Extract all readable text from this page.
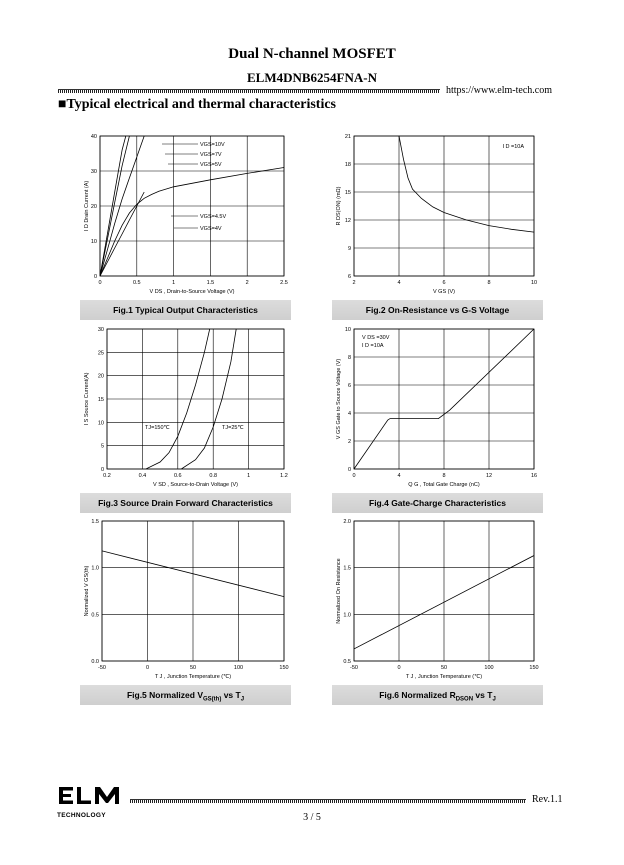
Dual N-channel MOSFET
ELM4DNB6254FNA-N
https://www.elm-tech.com
■Typical electrical and thermal characteristics
0	0.5	1	1.5	2	2.5
0
10
20
30
40
VGS=10V
VGS=7V
VGS=5V
VGS=4.5V
VGS=4V
V DS , Drain-to-Source Voltage (V)
I D Drain Current (A)
Fig.1 Typical Output Characteristics
2	4	6	8	10
6
9
12
15
18
21
I D =10A
V GS (V)
R DS(ON) (mΩ)
Fig.2 On-Resistance vs G-S Voltage
0.2	0.4	0.6	0.8	1	1.2
0
5
10
15
20
25
30
TJ=150℃	TJ=25℃
V SD , Source-to-Drain Voltage (V)
I S Source Current(A)
Fig.3 Source Drain Forward Characteristics
0	4	8	12	16
0
2
4
6
8
10
V DS =30V
I D =10A
Q G , Total Gate Charge (nC)
V GS Gate to Source Voltage (V)
Fig.4 Gate-Charge Characteristics
-50	0	50	100	150
0.0
0.5
1.0
1.5
T J , Junction Temperature (℃)
Normalized V GS(th)
Fig.5 Normalized $V_{GS(th)}$ vs $T_J$
-50	0	50	100	150
0.5
1.0
1.5
2.0
T J , Junction Temperature (℃)
Normalized On Resistance
Fig.6 Normalized $R_{DSON}$ vs $T_J$
TECHNOLOGY
Rev.1.1
3 / 5
